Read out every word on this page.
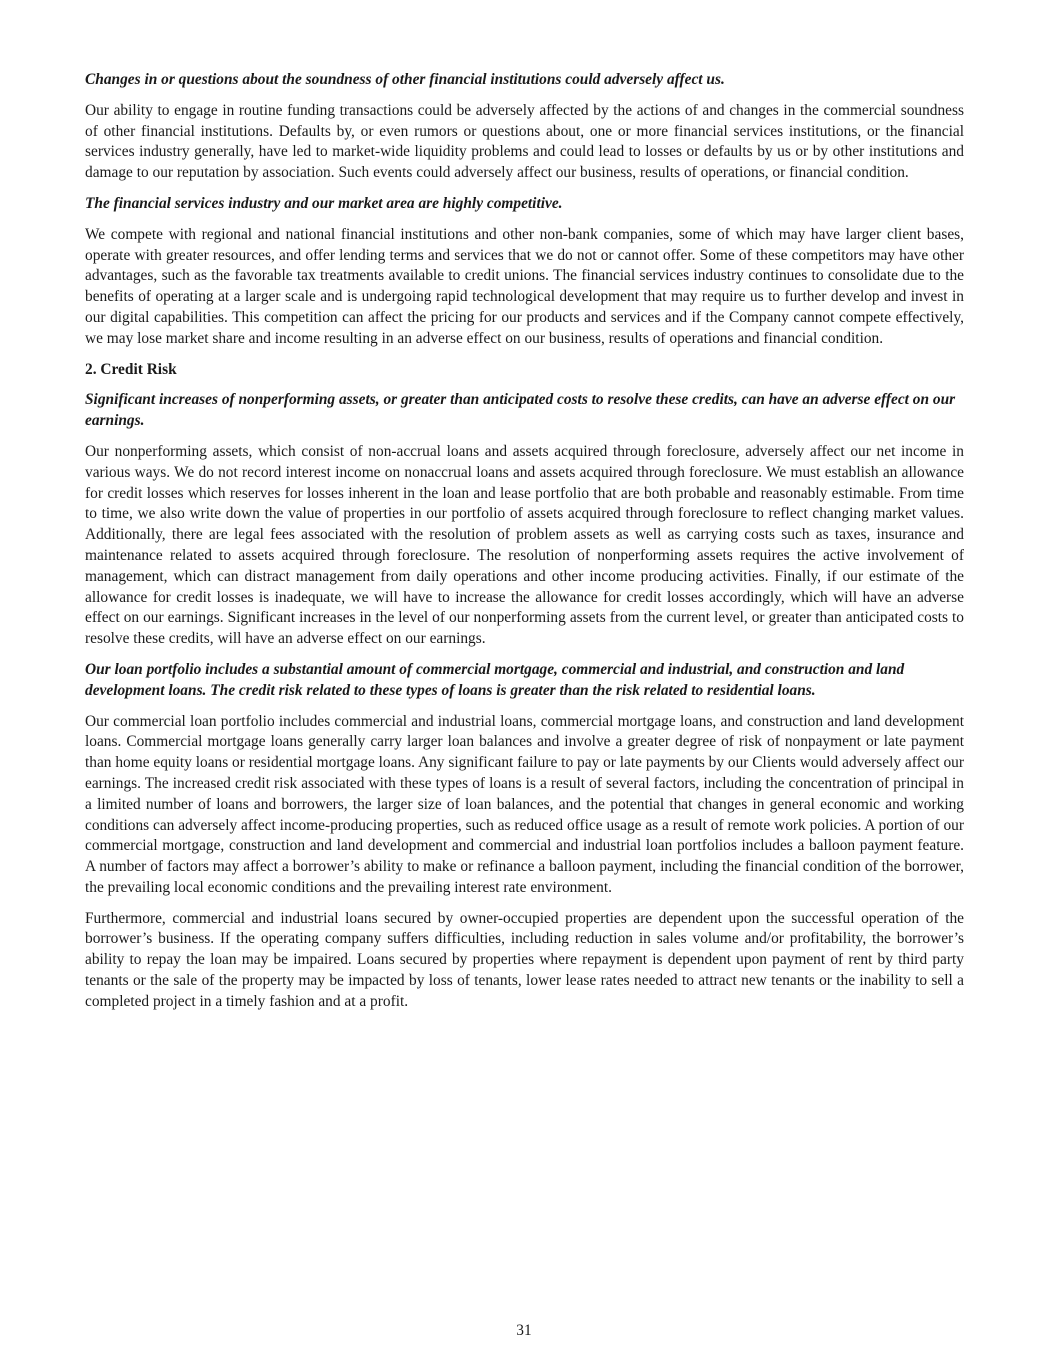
Changes in or questions about the soundness of other financial institutions could adversely affect us.
Our ability to engage in routine funding transactions could be adversely affected by the actions of and changes in the commercial soundness of other financial institutions. Defaults by, or even rumors or questions about, one or more financial services institutions, or the financial services industry generally, have led to market-wide liquidity problems and could lead to losses or defaults by us or by other institutions and damage to our reputation by association. Such events could adversely affect our business, results of operations, or financial condition.
The financial services industry and our market area are highly competitive.
We compete with regional and national financial institutions and other non-bank companies, some of which may have larger client bases, operate with greater resources, and offer lending terms and services that we do not or cannot offer. Some of these competitors may have other advantages, such as the favorable tax treatments available to credit unions. The financial services industry continues to consolidate due to the benefits of operating at a larger scale and is undergoing rapid technological development that may require us to further develop and invest in our digital capabilities. This competition can affect the pricing for our products and services and if the Company cannot compete effectively, we may lose market share and income resulting in an adverse effect on our business, results of operations and financial condition.
2. Credit Risk
Significant increases of nonperforming assets, or greater than anticipated costs to resolve these credits, can have an adverse effect on our earnings.
Our nonperforming assets, which consist of non-accrual loans and assets acquired through foreclosure, adversely affect our net income in various ways. We do not record interest income on nonaccrual loans and assets acquired through foreclosure. We must establish an allowance for credit losses which reserves for losses inherent in the loan and lease portfolio that are both probable and reasonably estimable. From time to time, we also write down the value of properties in our portfolio of assets acquired through foreclosure to reflect changing market values. Additionally, there are legal fees associated with the resolution of problem assets as well as carrying costs such as taxes, insurance and maintenance related to assets acquired through foreclosure. The resolution of nonperforming assets requires the active involvement of management, which can distract management from daily operations and other income producing activities. Finally, if our estimate of the allowance for credit losses is inadequate, we will have to increase the allowance for credit losses accordingly, which will have an adverse effect on our earnings. Significant increases in the level of our nonperforming assets from the current level, or greater than anticipated costs to resolve these credits, will have an adverse effect on our earnings.
Our loan portfolio includes a substantial amount of commercial mortgage, commercial and industrial, and construction and land development loans. The credit risk related to these types of loans is greater than the risk related to residential loans.
Our commercial loan portfolio includes commercial and industrial loans, commercial mortgage loans, and construction and land development loans. Commercial mortgage loans generally carry larger loan balances and involve a greater degree of risk of nonpayment or late payment than home equity loans or residential mortgage loans. Any significant failure to pay or late payments by our Clients would adversely affect our earnings. The increased credit risk associated with these types of loans is a result of several factors, including the concentration of principal in a limited number of loans and borrowers, the larger size of loan balances, and the potential that changes in general economic and working conditions can adversely affect income-producing properties, such as reduced office usage as a result of remote work policies. A portion of our commercial mortgage, construction and land development and commercial and industrial loan portfolios includes a balloon payment feature. A number of factors may affect a borrower’s ability to make or refinance a balloon payment, including the financial condition of the borrower, the prevailing local economic conditions and the prevailing interest rate environment.
Furthermore, commercial and industrial loans secured by owner-occupied properties are dependent upon the successful operation of the borrower’s business. If the operating company suffers difficulties, including reduction in sales volume and/or profitability, the borrower’s ability to repay the loan may be impaired. Loans secured by properties where repayment is dependent upon payment of rent by third party tenants or the sale of the property may be impacted by loss of tenants, lower lease rates needed to attract new tenants or the inability to sell a completed project in a timely fashion and at a profit.
31
